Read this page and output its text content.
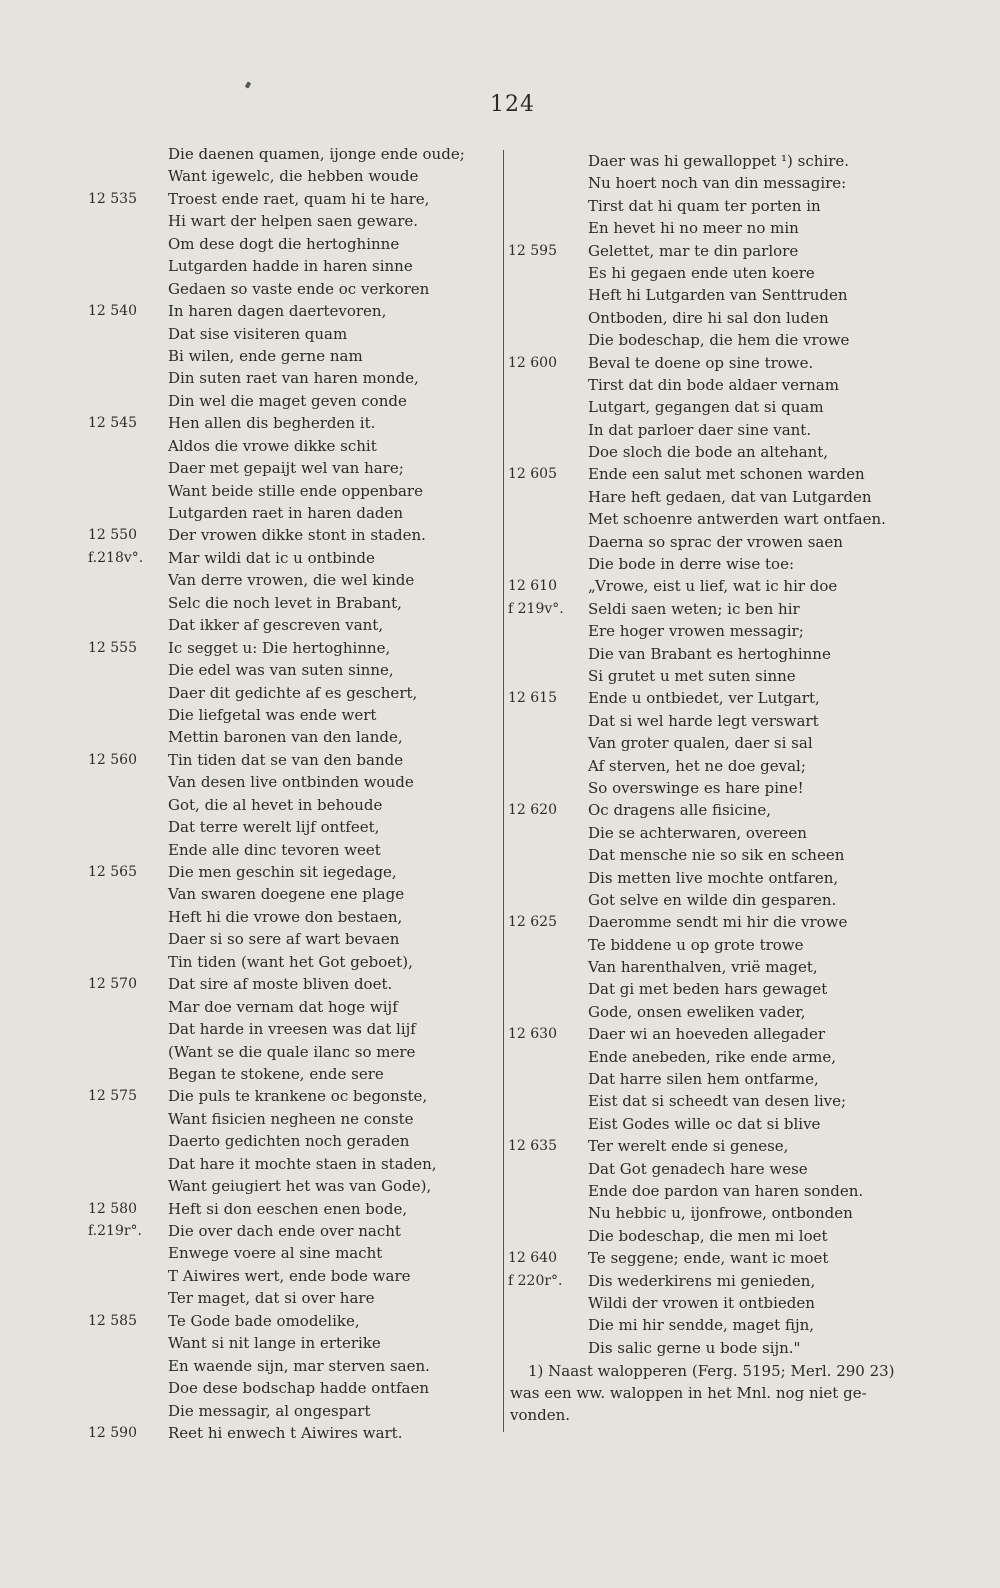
124
Die daenen quamen, ijonge ende oude;
Want igewelc, die hebben woude
12 535	Troest ende raet, quam hi te hare,
Hi wart der helpen saen geware.
Om dese dogt die hertoghinne
Lutgarden hadde in haren sinne
Gedaen so vaste ende oc verkoren
12 540	In haren dagen daertevoren,
Dat sise visiteren quam
Bi wilen, ende gerne nam
Din suten raet van haren monde,
Din wel die maget geven conde
12 545	Hen allen dis begherden it.
Aldos die vrowe dikke schit
Daer met gepaijt wel van hare;
Want beide stille ende oppenbare
Lutgarden raet in haren daden
12 550	Der vrowen dikke stont in staden.
f.218v°.	Mar wildi dat ic u ontbinde
Van derre vrowen, die wel kinde
Selc die noch levet in Brabant,
Dat ikker af gescreven vant,
12 555	Ic segget u: Die hertoghinne,
Die edel was van suten sinne,
Daer dit gedichte af es geschert,
Die liefgetal was ende wert
Mettin baronen van den lande,
12 560	Tin tiden dat se van den bande
Van desen live ontbinden woude
Got, die al hevet in behoude
Dat terre werelt lijf ontfeet,
Ende alle dinc tevoren weet
12 565	Die men geschin sit iegedage,
Van swaren doegene ene plage
Heft hi die vrowe don bestaen,
Daer si so sere af wart bevaen
Tin tiden (want het Got geboet),
12 570	Dat sire af moste bliven doet.
Mar doe vernam dat hoge wijf
Dat harde in vreesen was dat lijf
(Want se die quale ilanc so mere
Began te stokene, ende sere
12 575	Die puls te krankene oc begonste,
Want fisicien negheen ne conste
Daerto gedichten noch geraden
Dat hare it mochte staen in staden,
Want geiugiert het was van Gode),
12 580	Heft si don eeschen enen bode,
f.219r°.	Die over dach ende over nacht
Enwege voere al sine macht
T Aiwires wert, ende bode ware
Ter maget, dat si over hare
12 585	Te Gode bade omodelike,
Want si nit lange in erterike
En waende sijn, mar sterven saen.
Doe dese bodschap hadde ontfaen
Die messagir, al ongespart
12 590	Reet hi enwech t Aiwires wart.
Daer was hi gewalloppet ¹) schire.
Nu hoert noch van din messagire:
Tirst dat hi quam ter porten in
En hevet hi no meer no min
12 595	Gelettet, mar te din parlore
Es hi gegaen ende uten koere
Heft hi Lutgarden van Senttruden
Ontboden, dire hi sal don luden
Die bodeschap, die hem die vrowe
12 600	Beval te doene op sine trowe.
Tirst dat din bode aldaer vernam
Lutgart, gegangen dat si quam
In dat parloer daer sine vant.
Doe sloch die bode an altehant,
12 605	Ende een salut met schonen warden
Hare heft gedaen, dat van Lutgarden
Met schoenre antwerden wart ontfaen.
Daerna so sprac der vrowen saen
Die bode in derre wise toe:
12 610	„Vrowe, eist u lief, wat ic hir doe
f 219v°.	Seldi saen weten; ic ben hir
Ere hoger vrowen messagir;
Die van Brabant es hertoghinne
Si grutet u met suten sinne
12 615	Ende u ontbiedet, ver Lutgart,
Dat si wel harde legt verswart
Van groter qualen, daer si sal
Af sterven, het ne doe geval;
So overswinge es hare pine!
12 620	Oc dragens alle fisicine,
Die se achterwaren, overeen
Dat mensche nie so sik en scheen
Dis metten live mochte ontfaren,
Got selve en wilde din gesparen.
12 625	Daeromme sendt mi hir die vrowe
Te biddene u op grote trowe
Van harenthalven, vrië maget,
Dat gi met beden hars gewaget
Gode, onsen eweliken vader,
12 630	Daer wi an hoeveden allegader
Ende anebeden, rike ende arme,
Dat harre silen hem ontfarme,
Eist dat si scheedt van desen live;
Eist Godes wille oc dat si blive
12 635	Ter werelt ende si genese,
Dat Got genadech hare wese
Ende doe pardon van haren sonden.
Nu hebbic u, ijonfrowe, ontbonden
Die bodeschap, die men mi loet
12 640	Te seggene; ende, want ic moet
f 220r°.	Dis wederkirens mi genieden,
Wildi der vrowen it ontbieden
Die mi hir sendde, maget fijn,
Dis salic gerne u bode sijn."
1) Naast walopperen (Ferg. 5195; Merl. 290 23)
was een ww. waloppen in het Mnl. nog niet ge-
vonden.
